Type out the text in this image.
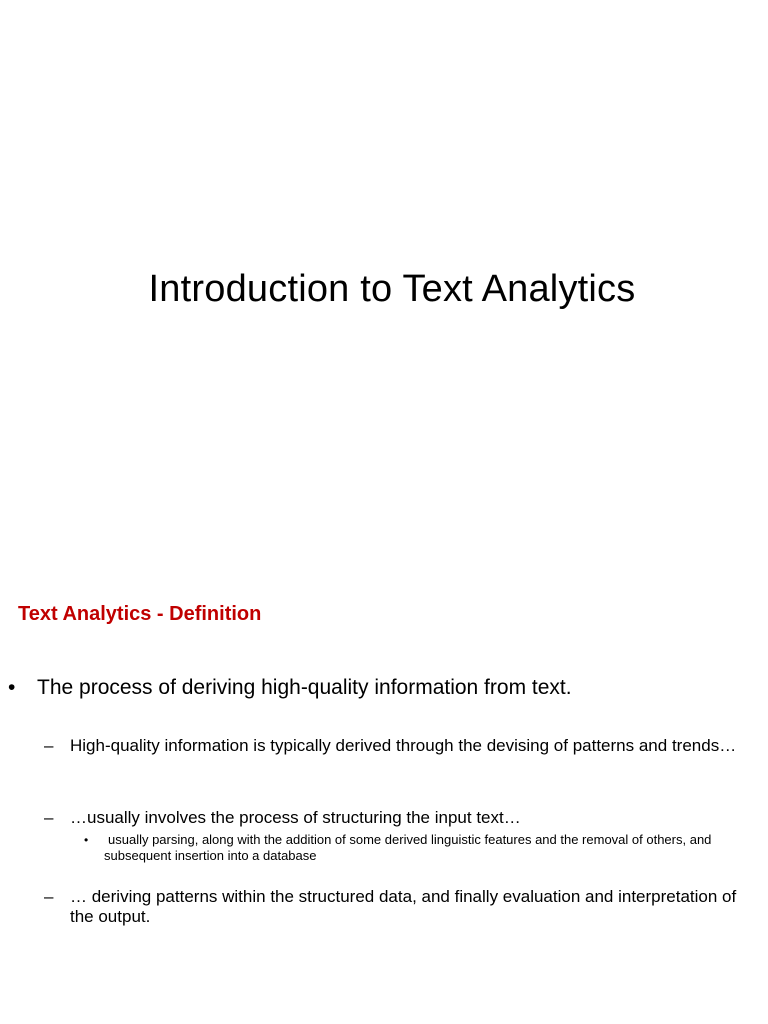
Introduction to Text Analytics
Text Analytics - Definition
•	The process of deriving high-quality information from text.
– High-quality information is typically derived through the devising of patterns and trends…
– …usually involves the process of structuring the input text…
•	usually parsing, along with the addition of some derived linguistic features and the removal of others, and subsequent insertion into a database
– … deriving patterns within the structured data, and finally evaluation and interpretation of the output.
